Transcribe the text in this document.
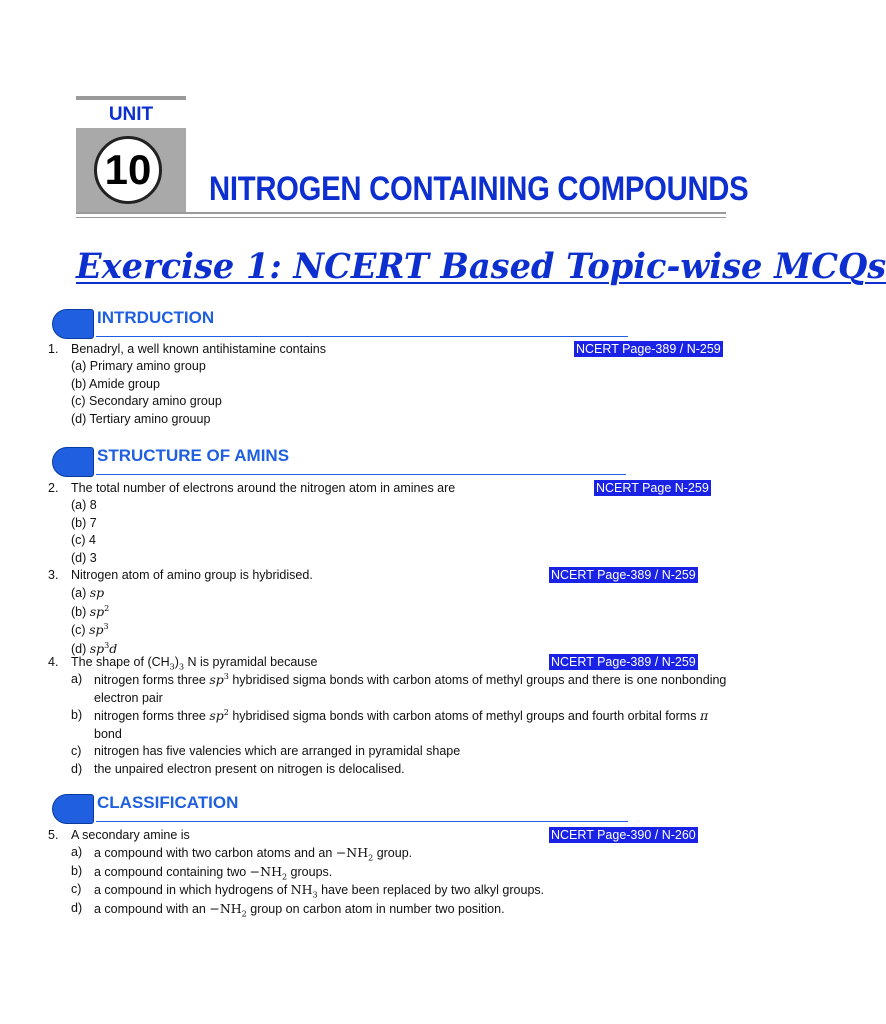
UNIT
10	NITROGEN CONTAINING COMPOUNDS
Exercise 1: NCERT Based Topic-wise MCQs
INTRDUCTION
1.	Benadryl, a well known antihistamine contains	NCERT Page-389 / N-259
(a) Primary amino group
(b) Amide group
(c) Secondary amino group
(d) Tertiary amino grouup
STRUCTURE OF AMINS
2.	The total number of electrons around the nitrogen atom in amines are	NCERT Page N-259
(a) 8
(b) 7
(c) 4
(d) 3
3.	Nitrogen atom of amino group is hybridised.	NCERT Page-389 / N-259
(a) sp
(b) $sp^2$
(c) $sp^3$
(d) $sp^3d$
4.	The shape of $(CH_3)_3$ N is pyramidal because	NCERT Page-389 / N-259
a) nitrogen forms three $sp^3$ hybridised sigma bonds with carbon atoms of methyl groups and there is one nonbonding electron pair
b) nitrogen forms three $sp^2$ hybridised sigma bonds with carbon atoms of methyl groups and fourth orbital forms π bond
c) nitrogen has five valencies which are arranged in pyramidal shape
d) the unpaired electron present on nitrogen is delocalised.
CLASSIFICATION
5.	A secondary amine is	NCERT Page-390 / N-260
a) a compound with two carbon atoms and an $-NH_2$ group.
b) a compound containing two $-NH_2$ groups.
c) a compound in which hydrogens of $NH_3$ have been replaced by two alkyl groups.
d) a compound with an $-NH_2$ group on carbon atom in number two position.
